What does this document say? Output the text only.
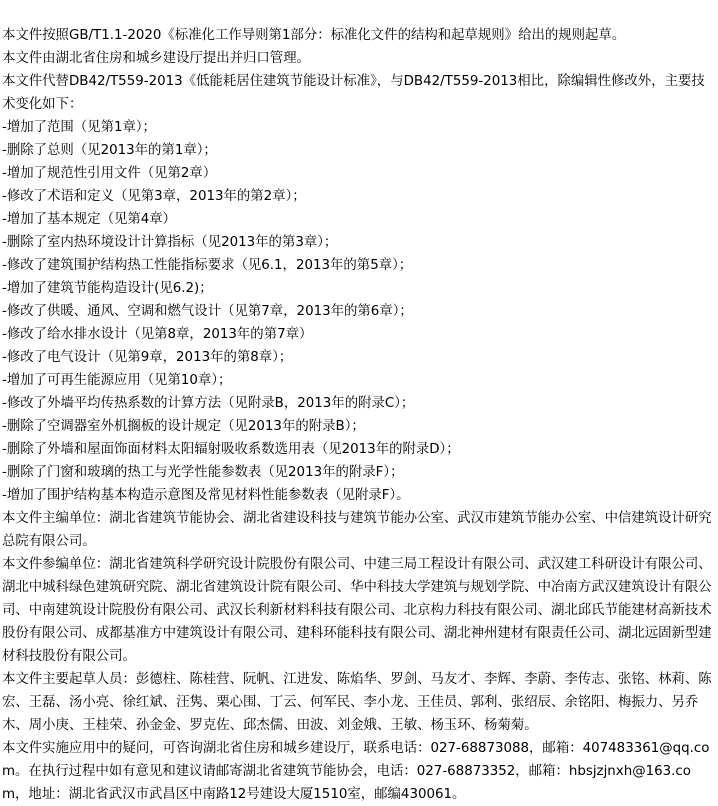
本文件按照GB/T1.1-2020《标准化工作导则第1部分：标准化文件的结构和起草规则》给出的规则起草。

本文件由湖北省住房和城乡建设厅提出并归口管理。

本文件代替DB42/T559-2013《低能耗居住建筑节能设计标准》，与DB42/T559-2013相比，除编辑性修改外，主要技术变化如下：

-增加了范围（见第1章）；

-删除了总则（见2013年的第1章）；

-增加了规范性引用文件（见第2章）

-修改了术语和定义（见第3章，2013年的第2章）；

-增加了基本规定（见第4章）

-删除了室内热环境设计计算指标（见2013年的第3章）；

-修改了建筑围护结构热工性能指标要求（见6.1，2013年的第5章）；

-增加了建筑节能构造设计(见6.2)；

-修改了供暖、通风、空调和燃气设计（见第7章，2013年的第6章）；

-修改了给水排水设计（见第8章，2013年的第7章）

-修改了电气设计（见第9章，2013年的第8章）；

-增加了可再生能源应用（见第10章）；

-修改了外墙平均传热系数的计算方法（见附录B，2013年的附录C）；

-删除了空调器室外机搁板的设计规定（见2013年的附录B）；

-删除了外墙和屋面饰面材料太阳辐射吸收系数选用表（见2013年的附录D）；

-删除了门窗和玻璃的热工与光学性能参数表（见2013年的附录F）；

-增加了围护结构基本构造示意图及常见材料性能参数表（见附录F）。

本文件主编单位：湖北省建筑节能协会、湖北省建设科技与建筑节能办公室、武汉市建筑节能办公室、中信建筑设计研究总院有限公司。

本文件参编单位：湖北省建筑科学研究设计院股份有限公司、中建三局工程设计有限公司、武汉建工科研设计有限公司、湖北中城科绿色建筑研究院、湖北省建筑设计院有限公司、华中科技大学建筑与规划学院、中冶南方武汉建筑设计有限公司、中南建筑设计院股份有限公司、武汉长利新材料科技有限公司、北京构力科技有限公司、湖北邱氏节能建材高新技术股份有限公司、成都基准方中建筑设计有限公司、建科环能科技有限公司、湖北神州建材有限责任公司、湖北远固新型建材科技股份有限公司。

本文件主要起草人员：彭德柱、陈桂营、阮帆、江进发、陈焰华、罗剑、马友才、李辉、李蔚、李传志、张铭、林莉、陈宏、王磊、汤小亮、徐红斌、汪隽、栗心围、丁云、何军民、李小龙、王佳员、郭利、张绍辰、余铭阳、梅振力、另乔木、周小庚、王桂荣、孙金金、罗克佐、邱杰儒、田波、刘金娥、王敏、杨玉环、杨菊菊。

本文件实施应用中的疑问，可咨询湖北省住房和城乡建设厅，联系电话：027-68873088，邮箱：407483361@qq.com。在执行过程中如有意见和建议请邮寄湖北省建筑节能协会，电话：027-68873352，邮箱：hbsjzjnxh@163.com，地址：湖北省武汉市武昌区中南路12号建设大厦1510室，邮编430061。
